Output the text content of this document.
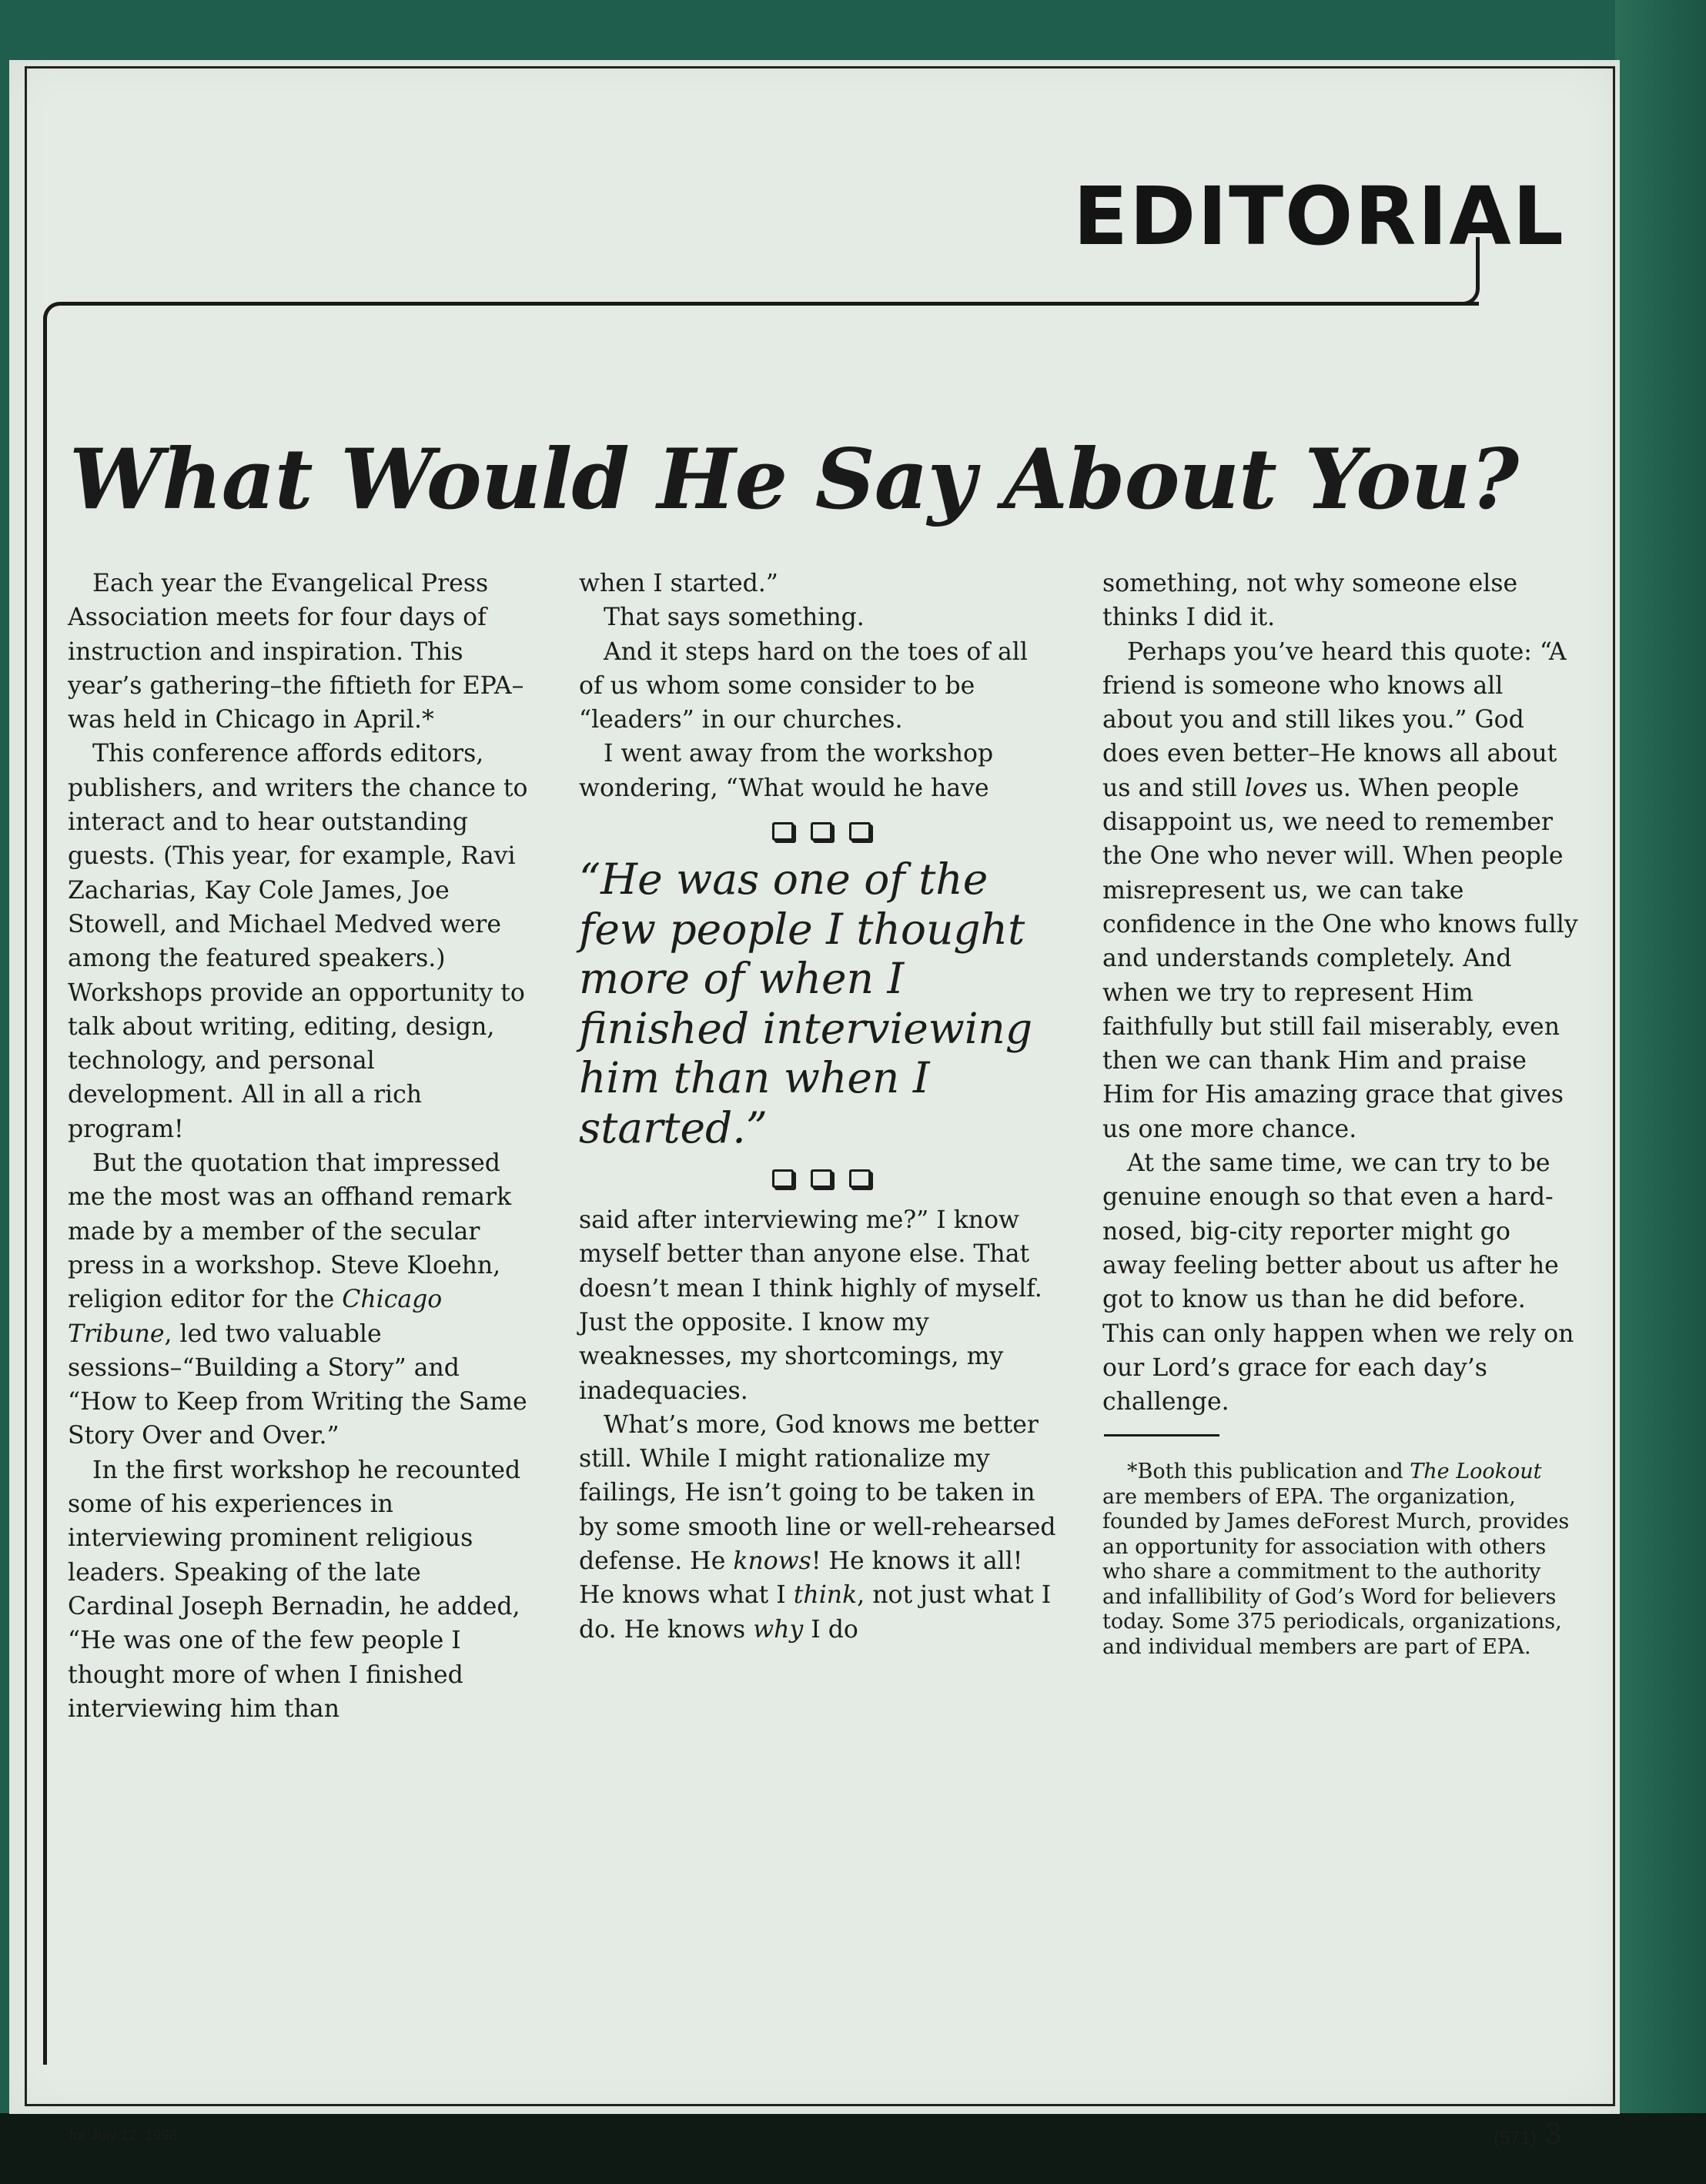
EDITORIAL
What Would He Say About You?

Each year the Evangelical Press Association meets for four days of instruction and inspiration. This year’s gathering–the fiftieth for EPA–was held in Chicago in April.*

This conference affords editors, publishers, and writers the chance to interact and to hear outstanding guests. (This year, for example, Ravi Zacharias, Kay Cole James, Joe Stowell, and Michael Medved were among the featured speakers.) Workshops provide an opportunity to talk about writing, editing, design, technology, and personal development. All in all a rich program!

But the quotation that impressed me the most was an offhand remark made by a member of the secular press in a workshop. Steve Kloehn, religion editor for the Chicago Tribune, led two valuable sessions–“Building a Story” and “How to Keep from Writing the Same Story Over and Over.”

In the first workshop he recounted some of his experiences in interviewing prominent religious leaders. Speaking of the late Cardinal Joseph Bernadin, he added, “He was one of the few people I thought more of when I finished interviewing him than

when I started.”

That says something.

And it steps hard on the toes of all of us whom some consider to be “leaders” in our churches.

I went away from the workshop wondering, “What would he have

“He was one of the few people I thought more of when I finished interviewing him than when I started.”

said after interviewing me?” I know myself better than anyone else. That doesn’t mean I think highly of myself. Just the opposite. I know my weaknesses, my shortcomings, my inadequacies.

What’s more, God knows me better still. While I might rationalize my failings, He isn’t going to be taken in by some smooth line or well-rehearsed defense. He knows! He knows it all! He knows what I think, not just what I do. He knows why I do

something, not why someone else thinks I did it.

Perhaps you’ve heard this quote: “A friend is someone who knows all about you and still likes you.” God does even better–He knows all about us and still loves us. When people disappoint us, we need to remember the One who never will. When people misrepresent us, we can take confidence in the One who knows fully and understands completely. And when we try to represent Him faithfully but still fail miserably, even then we can thank Him and praise Him for His amazing grace that gives us one more chance.

At the same time, we can try to be genuine enough so that even a hard-nosed, big-city reporter might go away feeling better about us after he got to know us than he did before. This can only happen when we rely on our Lord’s grace for each day’s challenge.

*Both this publication and The Lookout are members of EPA. The organization, founded by James deForest Murch, provides an opportunity for association with others who share a commitment to the authority and infallibility of God’s Word for believers today. Some 375 periodicals, organizations, and individual members are part of EPA.

for July 12, 1998	(571) 3
